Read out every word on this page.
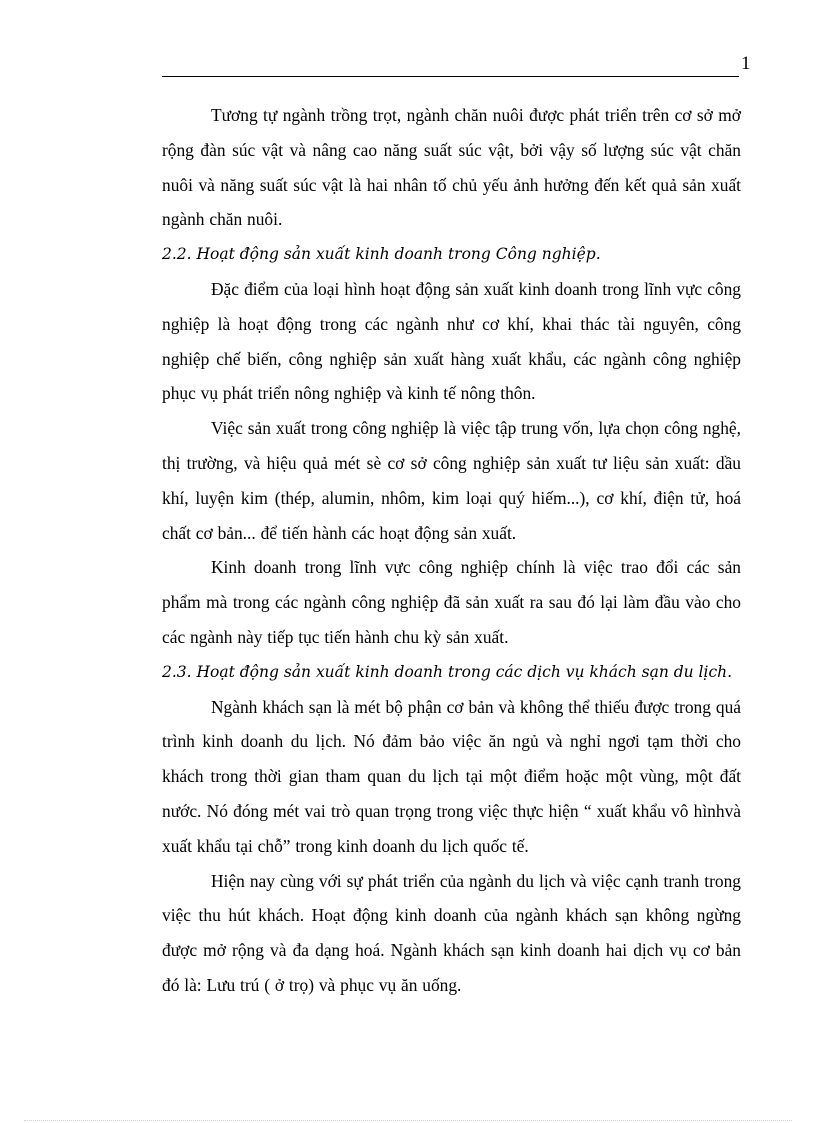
1

Tương tự ngành trồng trọt, ngành chăn nuôi được phát triển trên cơ sở mở rộng đàn súc vật và nâng cao năng suất súc vật, bởi vậy số lượng súc vật chăn nuôi và năng suất súc vật là hai nhân tố chủ yếu ảnh hưởng đến kết quả sản xuất ngành chăn nuôi.

2.2. Hoạt động sản xuất kinh doanh trong Công nghiệp.

Đặc điểm của loại hình hoạt động sản xuất kinh doanh trong lĩnh vực công nghiệp là hoạt động trong các ngành như cơ khí, khai thác tài nguyên, công nghiệp chế biến, công nghiệp sản xuất hàng xuất khẩu, các ngành công nghiệp phục vụ phát triển nông nghiệp và kinh tế nông thôn.

Việc sản xuất trong công nghiệp là việc tập trung vốn, lựa chọn công nghệ, thị trường, và hiệu quả mét sè cơ sở công nghiệp sản xuất tư liệu sản xuất: dầu khí, luyện kim (thép, alumin, nhôm, kim loại quý hiếm...), cơ khí, điện tử, hoá chất cơ bản... để tiến hành các hoạt động sản xuất.

Kinh doanh trong lĩnh vực công nghiệp chính là việc trao đổi các sản phẩm mà trong các ngành công nghiệp đã sản xuất ra sau đó lại làm đầu vào cho các ngành này tiếp tục tiến hành chu kỳ sản xuất.

2.3. Hoạt động sản xuất kinh doanh trong các dịch vụ khách sạn du lịch.

Ngành khách sạn là mét bộ phận cơ bản và không thể thiếu được trong quá trình kinh doanh du lịch. Nó đảm bảo việc ăn ngủ và nghỉ ngơi tạm thời cho khách trong thời gian tham quan du lịch tại một điểm hoặc một vùng, một đất nước. Nó đóng mét vai trò quan trọng trong việc thực hiện “ xuất khẩu vô hìnhvà xuất khẩu tại chỗ” trong kinh doanh du lịch quốc tế.

Hiện nay cùng với sự phát triển của ngành du lịch và việc cạnh tranh trong việc thu hút khách. Hoạt động kinh doanh của ngành khách sạn không ngừng được mở rộng và đa dạng hoá. Ngành khách sạn kinh doanh hai dịch vụ cơ bản đó là: Lưu trú ( ở trọ) và phục vụ ăn uống.
